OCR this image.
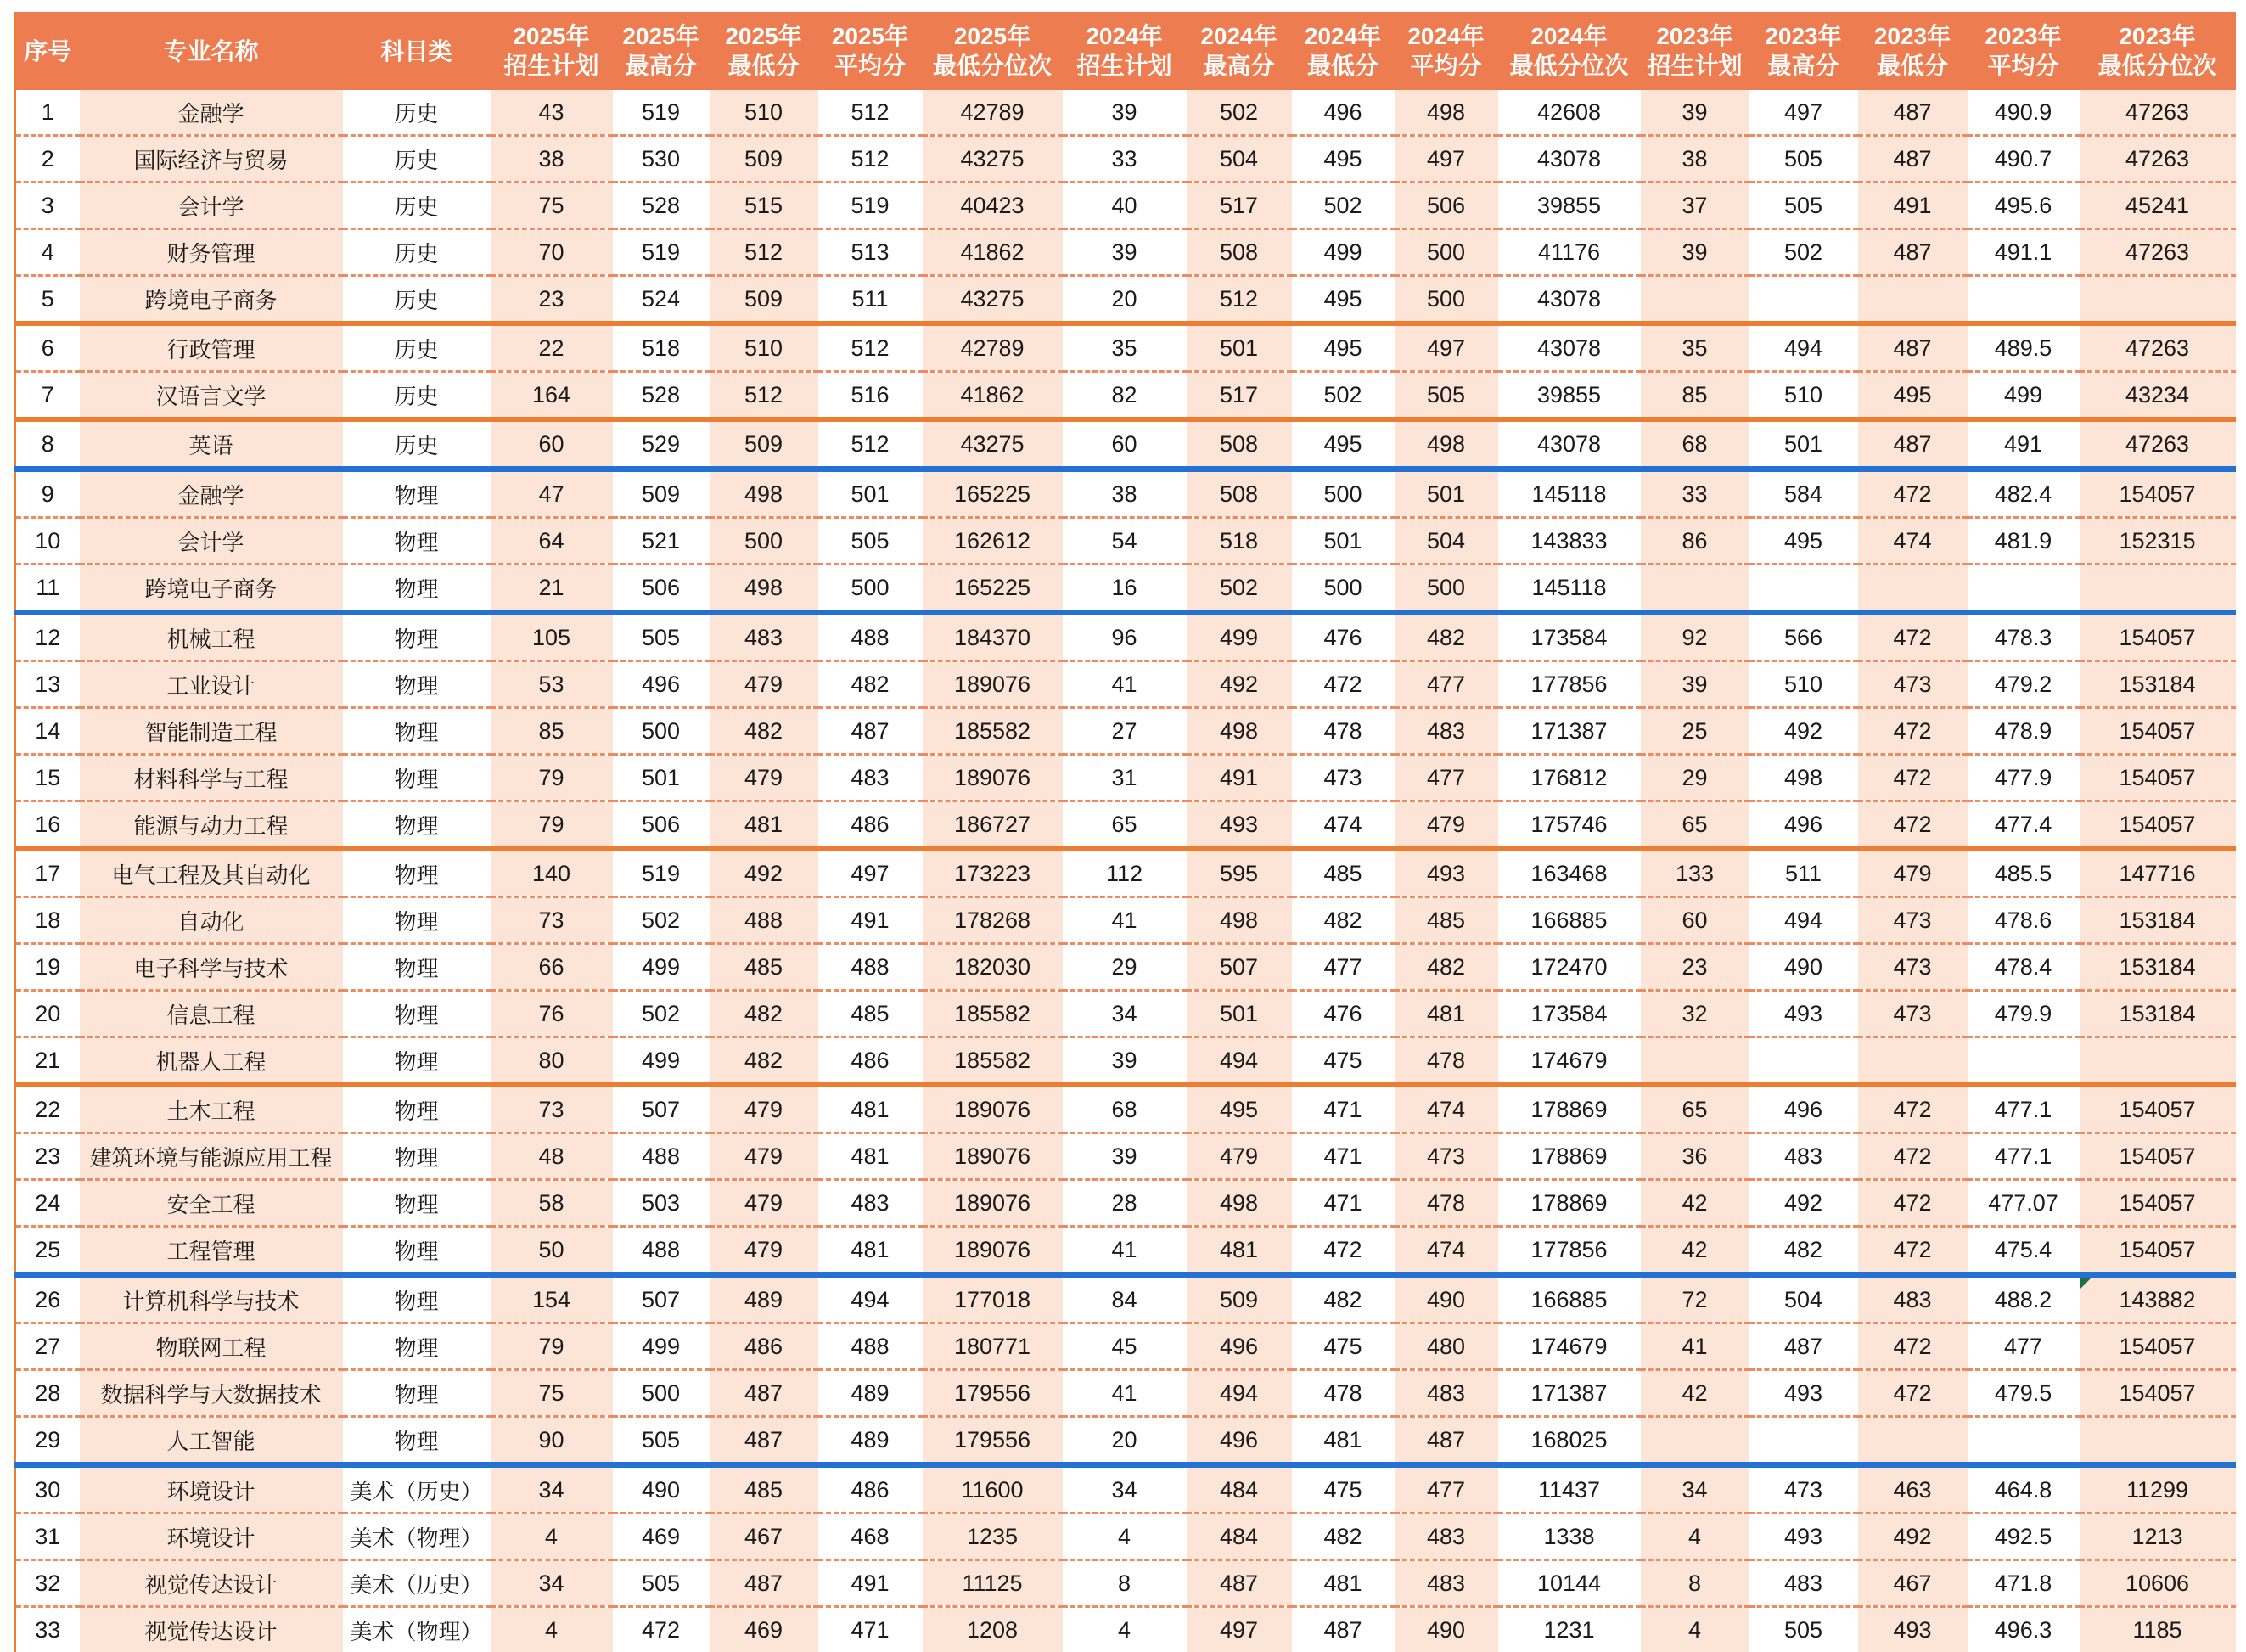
序号	专业名称	科目类

2025年
招生计划

2025年
最高分

2025年
最低分

2025年
平均分

2025年
最低分位次

2024年
招生计划

2024年
最高分

2024年
最低分

2024年
平均分

2024年
最低分位次

2023年
招生计划

2023年
最高分

2023年
最低分

2023年
平均分

2023年
最低分位次

1	金融学	历史	43	519	510	512	42789	39	502	496	498	42608	39	497	487	490.9	47263
2	国际经济与贸易	历史	38	530	509	512	43275	33	504	495	497	43078	38	505	487	490.7	47263
3	会计学	历史	75	528	515	519	40423	40	517	502	506	39855	37	505	491	495.6	45241
4	财务管理	历史	70	519	512	513	41862	39	508	499	500	41176	39	502	487	491.1	47263
5	跨境电子商务	历史	23	524	509	511	43275	20	512	495	500	43078					
6	行政管理	历史	22	518	510	512	42789	35	501	495	497	43078	35	494	487	489.5	47263
7	汉语言文学	历史	164	528	512	516	41862	82	517	502	505	39855	85	510	495	499	43234
8	英语	历史	60	529	509	512	43275	60	508	495	498	43078	68	501	487	491	47263
9	金融学	物理	47	509	498	501	165225	38	508	500	501	145118	33	584	472	482.4	154057
10	会计学	物理	64	521	500	505	162612	54	518	501	504	143833	86	495	474	481.9	152315
11	跨境电子商务	物理	21	506	498	500	165225	16	502	500	500	145118					
12	机械工程	物理	105	505	483	488	184370	96	499	476	482	173584	92	566	472	478.3	154057
13	工业设计	物理	53	496	479	482	189076	41	492	472	477	177856	39	510	473	479.2	153184
14	智能制造工程	物理	85	500	482	487	185582	27	498	478	483	171387	25	492	472	478.9	154057
15	材料科学与工程	物理	79	501	479	483	189076	31	491	473	477	176812	29	498	472	477.9	154057
16	能源与动力工程	物理	79	506	481	486	186727	65	493	474	479	175746	65	496	472	477.4	154057
17	电气工程及其自动化	物理	140	519	492	497	173223	112	595	485	493	163468	133	511	479	485.5	147716
18	自动化	物理	73	502	488	491	178268	41	498	482	485	166885	60	494	473	478.6	153184
19	电子科学与技术	物理	66	499	485	488	182030	29	507	477	482	172470	23	490	473	478.4	153184
20	信息工程	物理	76	502	482	485	185582	34	501	476	481	173584	32	493	473	479.9	153184
21	机器人工程	物理	80	499	482	486	185582	39	494	475	478	174679					
22	土木工程	物理	73	507	479	481	189076	68	495	471	474	178869	65	496	472	477.1	154057
23	建筑环境与能源应用工程	物理	48	488	479	481	189076	39	479	471	473	178869	36	483	472	477.1	154057
24	安全工程	物理	58	503	479	483	189076	28	498	471	478	178869	42	492	472	477.07	154057
25	工程管理	物理	50	488	479	481	189076	41	481	472	474	177856	42	482	472	475.4	154057
26	计算机科学与技术	物理	154	507	489	494	177018	84	509	482	490	166885	72	504	483	488.2	143882

27	物联网工程	物理	79	499	486	488	180771	45	496	475	480	174679	41	487	472	477	154057
28	数据科学与大数据技术	物理	75	500	487	489	179556	41	494	478	483	171387	42	493	472	479.5	154057
29	人工智能	物理	90	505	487	489	179556	20	496	481	487	168025					
30	环境设计	美术（历史）	34	490	485	486	11600	34	484	475	477	11437	34	473	463	464.8	11299
31	环境设计	美术（物理）	4	469	467	468	1235	4	484	482	483	1338	4	493	492	492.5	1213
32	视觉传达设计	美术（历史）	34	505	487	491	11125	8	487	481	483	10144	8	483	467	471.8	10606
33	视觉传达设计	美术（物理）	4	472	469	471	1208	4	497	487	490	1231	4	505	493	496.3	1185
